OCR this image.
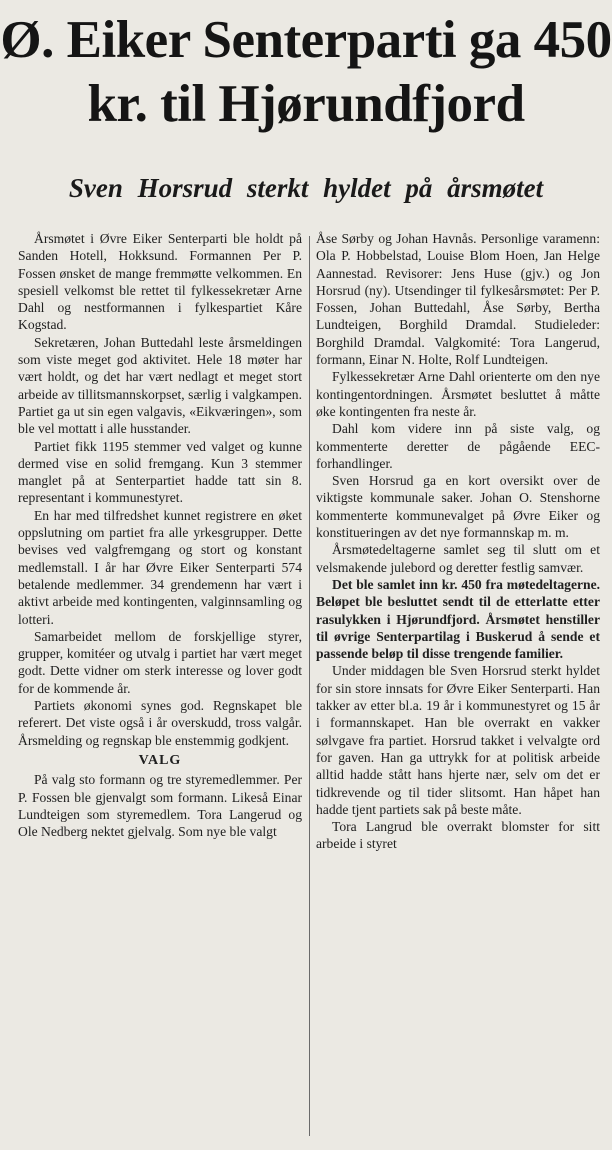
Ø. Eiker Senterparti ga 450 kr. til Hjørundfjord
Sven Horsrud sterkt hyldet på årsmøtet

Årsmøtet i Øvre Eiker Senterparti ble holdt på Sanden Hotell, Hokksund. Formannen Per P. Fossen ønsket de mange fremmøtte velkommen. En spesiell velkomst ble rettet til fylkessekretær Arne Dahl og nestformannen i fylkespartiet Kåre Kogstad.

Sekretæren, Johan Buttedahl leste årsmeldingen som viste meget god aktivitet. Hele 18 møter har vært holdt, og det har vært nedlagt et meget stort arbeide av tillitsmannskorpset, særlig i valgkampen. Partiet ga ut sin egen valgavis, «Eikværingen», som ble vel mottatt i alle husstander.

Partiet fikk 1195 stemmer ved valget og kunne dermed vise en solid fremgang. Kun 3 stemmer manglet på at Senterpartiet hadde tatt sin 8. representant i kommunestyret.

En har med tilfredshet kunnet registrere en øket oppslutning om partiet fra alle yrkesgrupper. Dette bevises ved valgfremgang og stort og konstant medlemstall. I år har Øvre Eiker Senterparti 574 betalende medlemmer. 34 grendemenn har vært i aktivt arbeide med kontingenten, valginnsamling og lotteri.

Samarbeidet mellom de forskjellige styrer, grupper, komitéer og utvalg i partiet har vært meget godt. Dette vidner om sterk interesse og lover godt for de kommende år.

Partiets økonomi synes god. Regnskapet ble referert. Det viste også i år overskudd, tross valgår. Årsmelding og regnskap ble enstemmig godkjent.

VALG

På valg sto formann og tre styremedlemmer. Per P. Fossen ble gjenvalgt som formann. Likeså Einar Lundteigen som styremedlem. Tora Langerud og Ole Nedberg nektet gjelvalg. Som nye ble valgt

Åse Sørby og Johan Havnås. Personlige varamenn: Ola P. Hobbelstad, Louise Blom Hoen, Jan Helge Aannestad. Revisorer: Jens Huse (gjv.) og Jon Horsrud (ny). Utsendinger til fylkesårsmøtet: Per P. Fossen, Johan Buttedahl, Åse Sørby, Bertha Lundteigen, Borghild Dramdal. Studieleder: Borghild Dramdal. Valgkomité: Tora Langerud, formann, Einar N. Holte, Rolf Lundteigen.

Fylkessekretær Arne Dahl orienterte om den nye kontingentordningen. Årsmøtet besluttet å måtte øke kontingenten fra neste år.

Dahl kom videre inn på siste valg, og kommenterte deretter de pågående EEC-forhandlinger.

Sven Horsrud ga en kort oversikt over de viktigste kommunale saker. Johan O. Stenshorne kommenterte kommunevalget på Øvre Eiker og konstitueringen av det nye formannskap m. m.

Årsmøtedeltagerne samlet seg til slutt om et velsmakende julebord og deretter festlig samvær.

Det ble samlet inn kr. 450 fra møtedeltagerne. Beløpet ble besluttet sendt til de etterlatte etter rasulykken i Hjørundfjord. Årsmøtet henstiller til øvrige Senterpartilag i Buskerud å sende et passende beløp til disse trengende familier.

Under middagen ble Sven Horsrud sterkt hyldet for sin store innsats for Øvre Eiker Senterparti. Han takker av etter bl.a. 19 år i kommunestyret og 15 år i formannskapet. Han ble overrakt en vakker sølvgave fra partiet. Horsrud takket i velvalgte ord for gaven. Han ga uttrykk for at politisk arbeide alltid hadde stått hans hjerte nær, selv om det er tidkrevende og til tider slitsomt. Han håpet han hadde tjent partiets sak på beste måte.

Tora Langrud ble overrakt blomster for sitt arbeide i styret
